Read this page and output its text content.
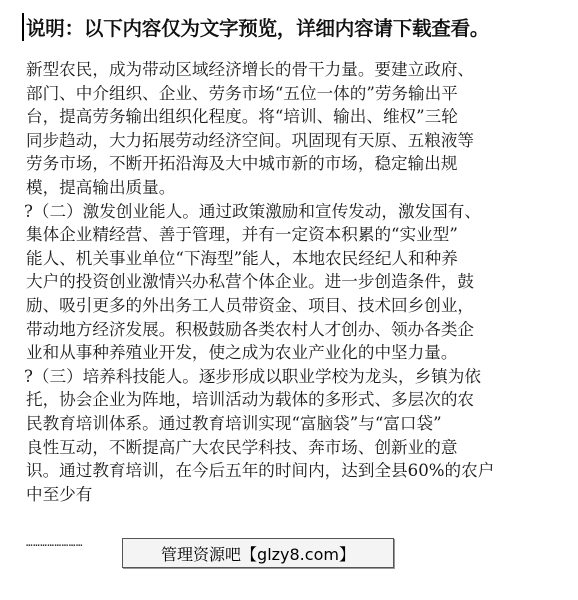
说明：以下内容仅为文字预览，详细内容请下载查看。
新型农民，成为带动区域经济增长的骨干力量。要建立政府、
部门、中介组织、企业、劳务市场“五位一体的”劳务输出平
台，提高劳务输出组织化程度。将“培训、输出、维权”三轮
同步趋动，大力拓展劳动经济空间。巩固现有天原、五粮液等
劳务市场，不断开拓沿海及大中城市新的市场，稳定输出规
模，提高输出质量。
?（二）激发创业能人。通过政策激励和宣传发动，激发国有、
集体企业精经营、善于管理，并有一定资本积累的“实业型”
能人、机关事业单位“下海型”能人，本地农民经纪人和种养
大户的投资创业激情兴办私营个体企业。进一步创造条件，鼓
励、吸引更多的外出务工人员带资金、项目、技术回乡创业，
带动地方经济发展。积极鼓励各类农村人才创办、领办各类企
业和从事种养殖业开发，使之成为农业产业化的中坚力量。
?（三）培养科技能人。逐步形成以职业学校为龙头，乡镇为依
托，协会企业为阵地，培训活动为载体的多形式、多层次的农
民教育培训体系。通过教育培训实现“富脑袋”与“富口袋”
良性互动，不断提高广大农民学科技、奔市场、创新业的意
识。通过教育培训，在今后五年的时间内，达到全县60%的农户
中至少有
……………………
管理资源吧【glzy8.com】
